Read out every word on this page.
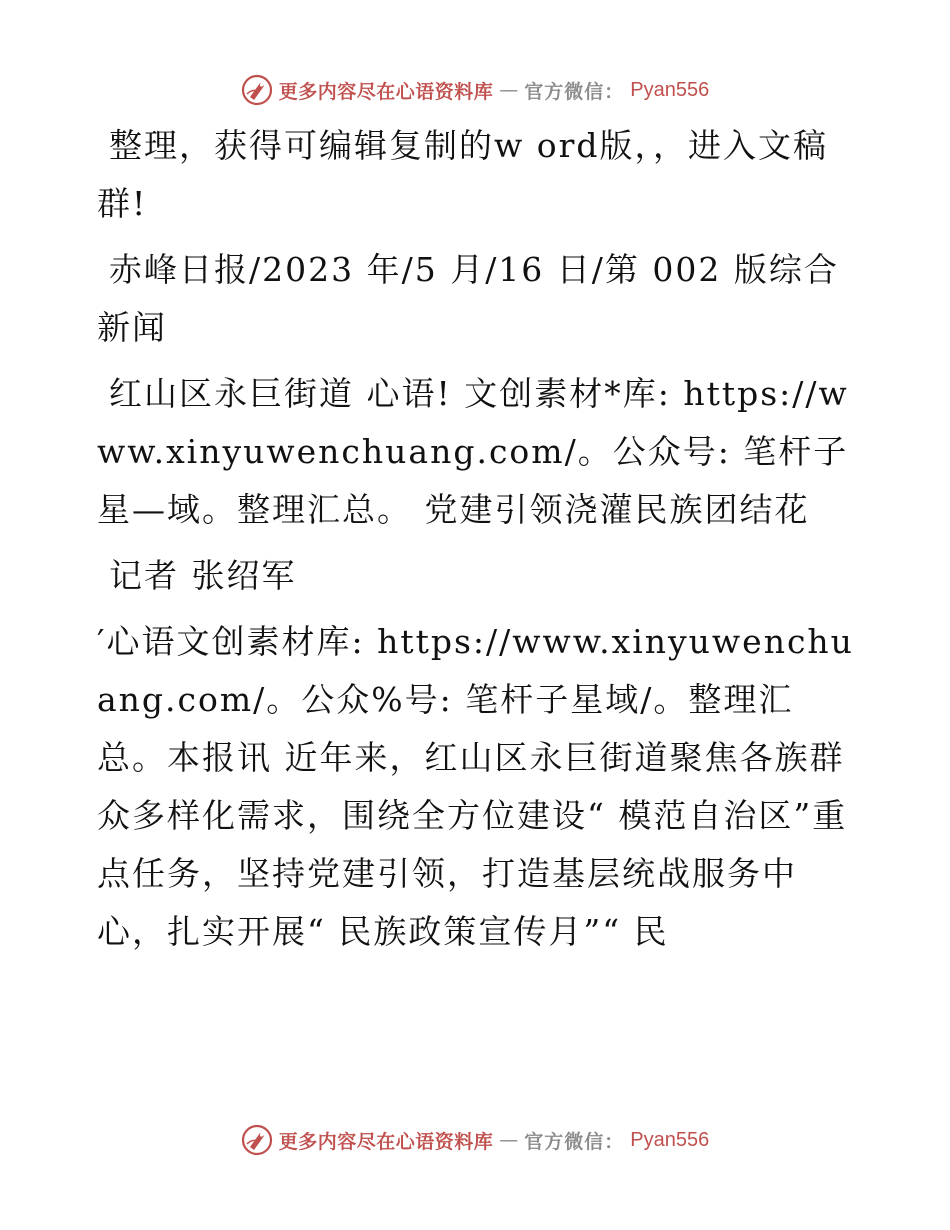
更多内容尽在心语资料库 — 官方微信： Pyan556

整理，获得可编辑复制的w ord版，，进入文稿群!

赤峰日报/2023 年/5 月/16 日/第 002 版综合新闻

红山区永巨街道 心语! 文创素材*库: https://www.xinyuwenchuang.com/。公众号: 笔杆子星—域。整理汇总。 党建引领浇灌民族团结花

记者 张绍军

′心语文创素材库: https://www.xinyuwenchuang.com/。公众%号: 笔杆子星域/。整理汇总。本报讯 近年来，红山区永巨街道聚焦各族群众多样化需求，围绕全方位建设“ 模范自治区”重点任务，坚持党建引领，打造基层统战服务中心，扎实开展“ 民族政策宣传月”“ 民

更多内容尽在心语资料库 — 官方微信： Pyan556
